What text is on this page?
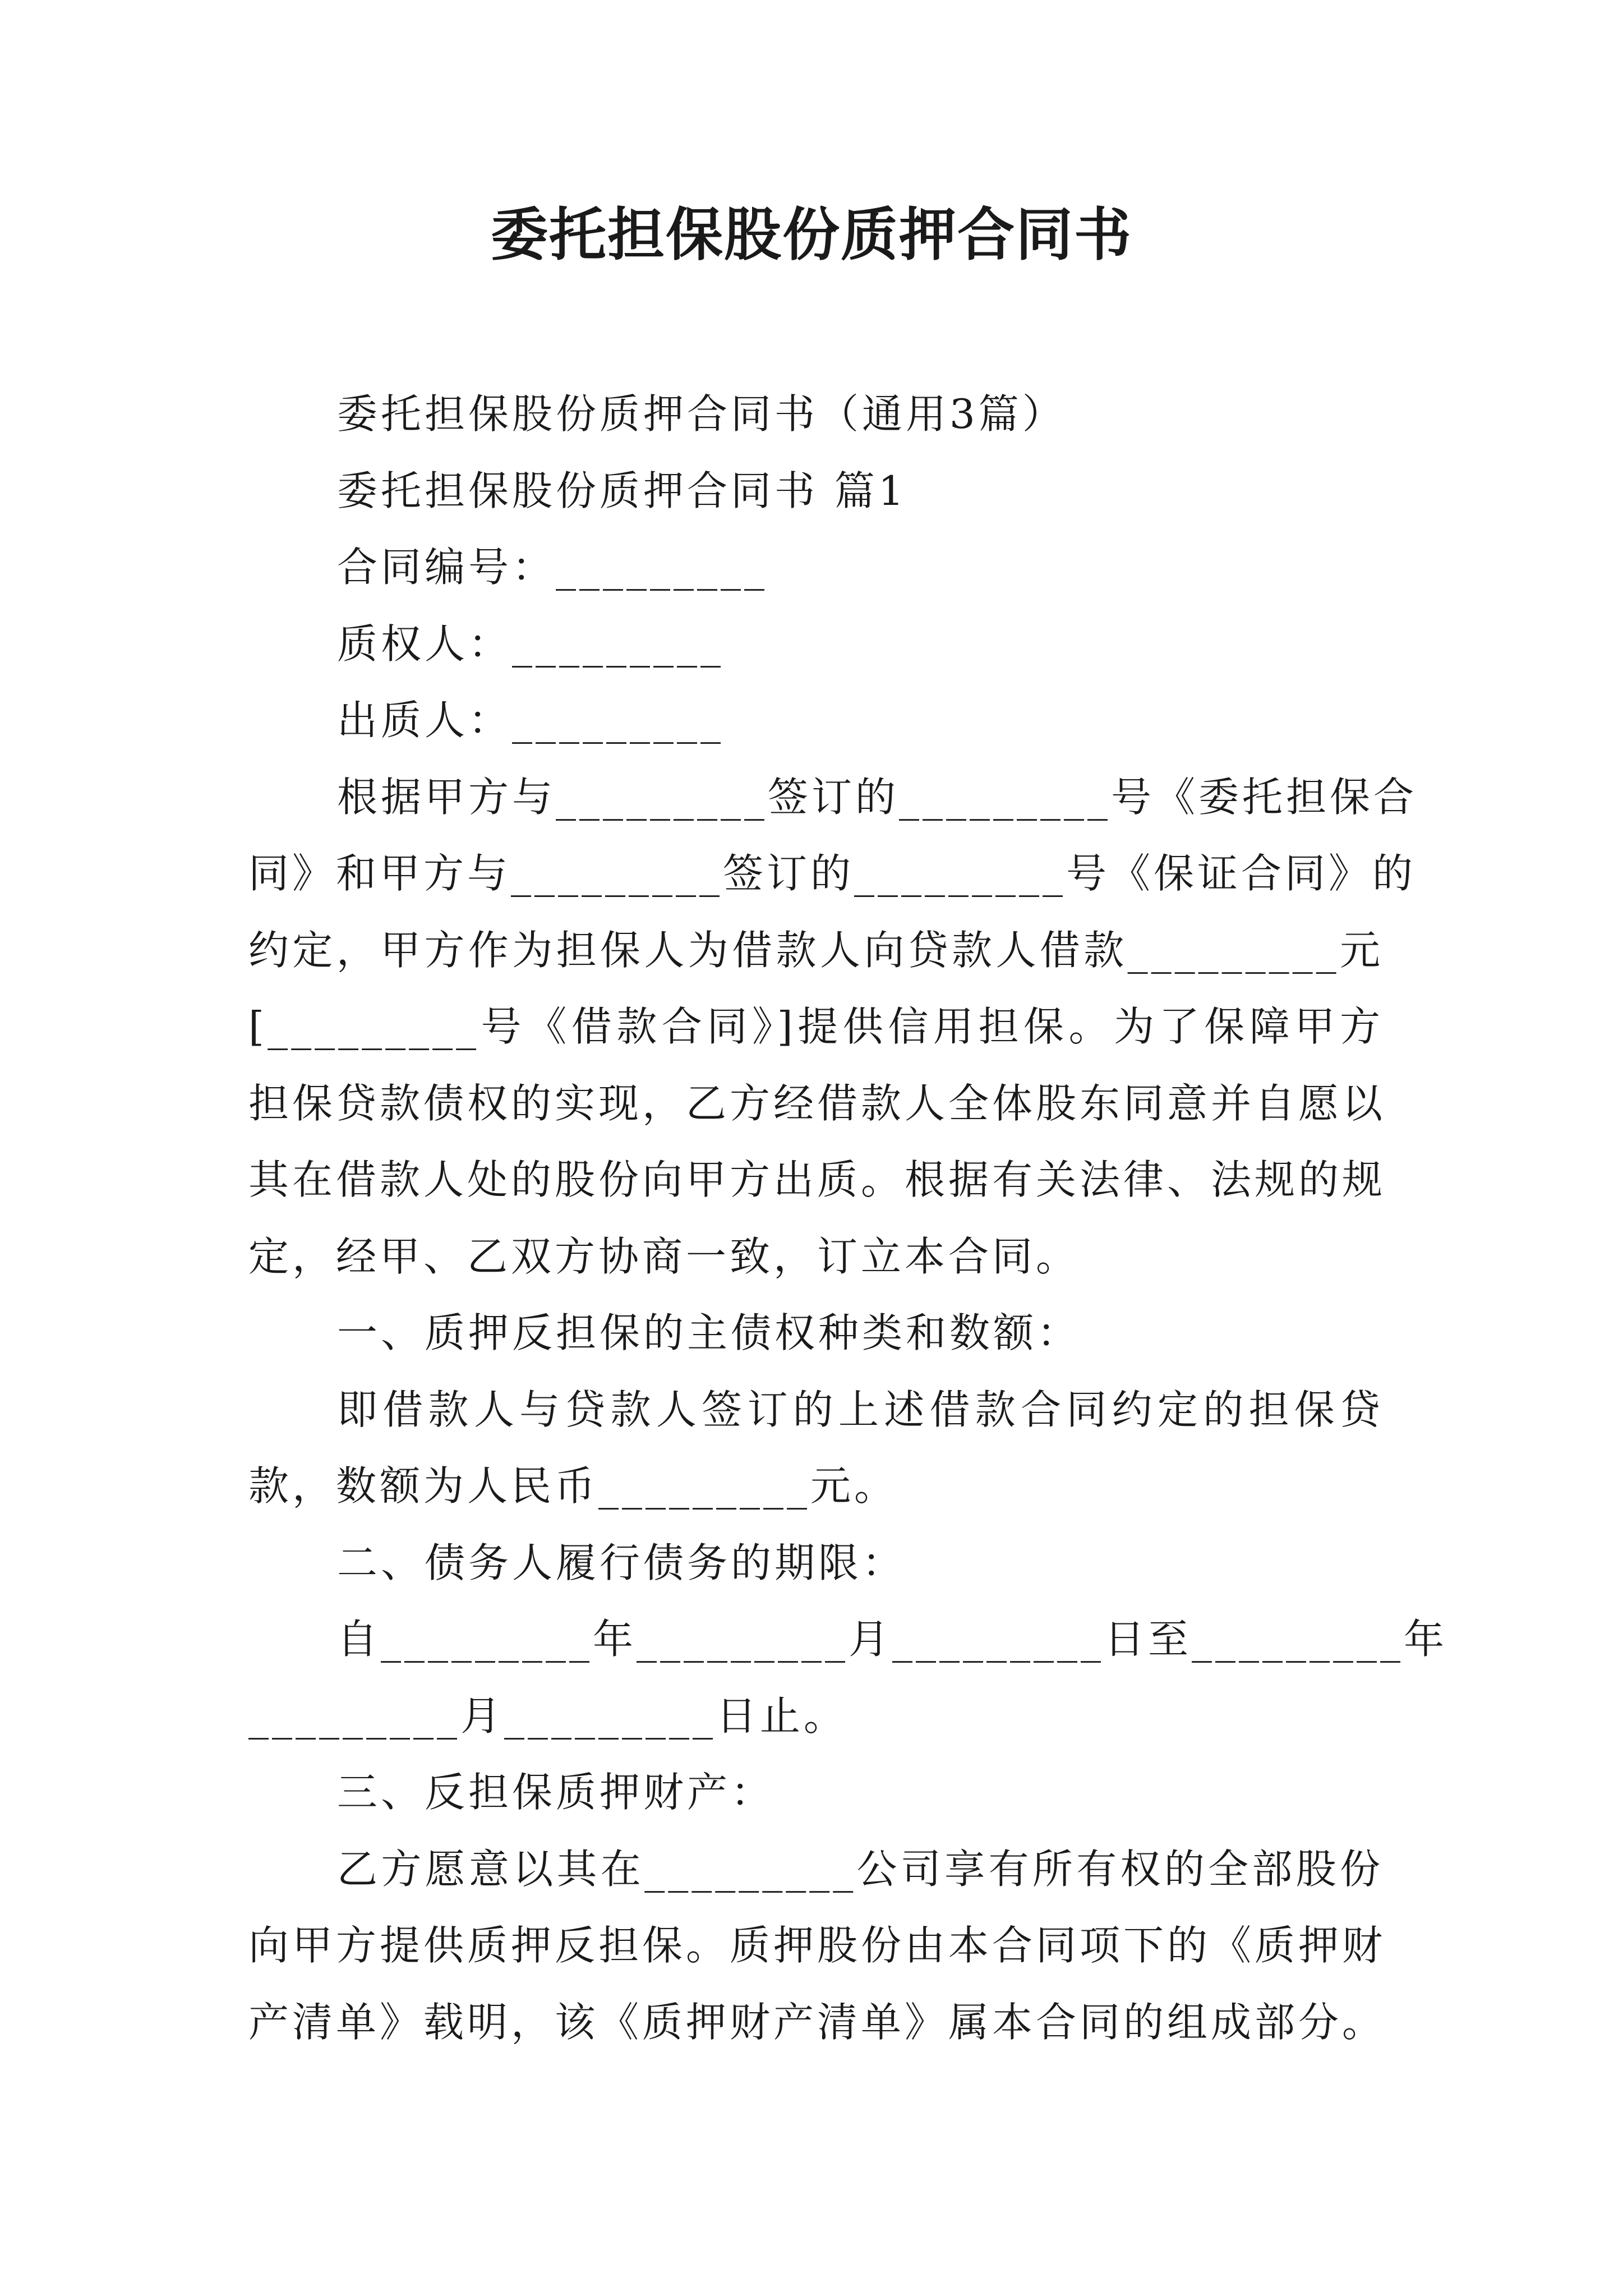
委托担保股份质押合同书
委托担保股份质押合同书（通用3篇）
委托担保股份质押合同书 篇1
合同编号：_________
质权人：_________
出质人：_________
根据甲方与_________签订的_________号《委托担保合
同》和甲方与_________签订的_________号《保证合同》的
约定，甲方作为担保人为借款人向贷款人借款_________元
[_________号《借款合同》]提供信用担保。为了保障甲方
担保贷款债权的实现，乙方经借款人全体股东同意并自愿以
其在借款人处的股份向甲方出质。根据有关法律、法规的规
定，经甲、乙双方协商一致，订立本合同。
一、质押反担保的主债权种类和数额：
即借款人与贷款人签订的上述借款合同约定的担保贷
款，数额为人民币_________元。
二、债务人履行债务的期限：
自_________年_________月_________日至_________年
_________月_________日止。
三、反担保质押财产：
乙方愿意以其在_________公司享有所有权的全部股份
向甲方提供质押反担保。质押股份由本合同项下的《质押财
产清单》载明，该《质押财产清单》属本合同的组成部分。
